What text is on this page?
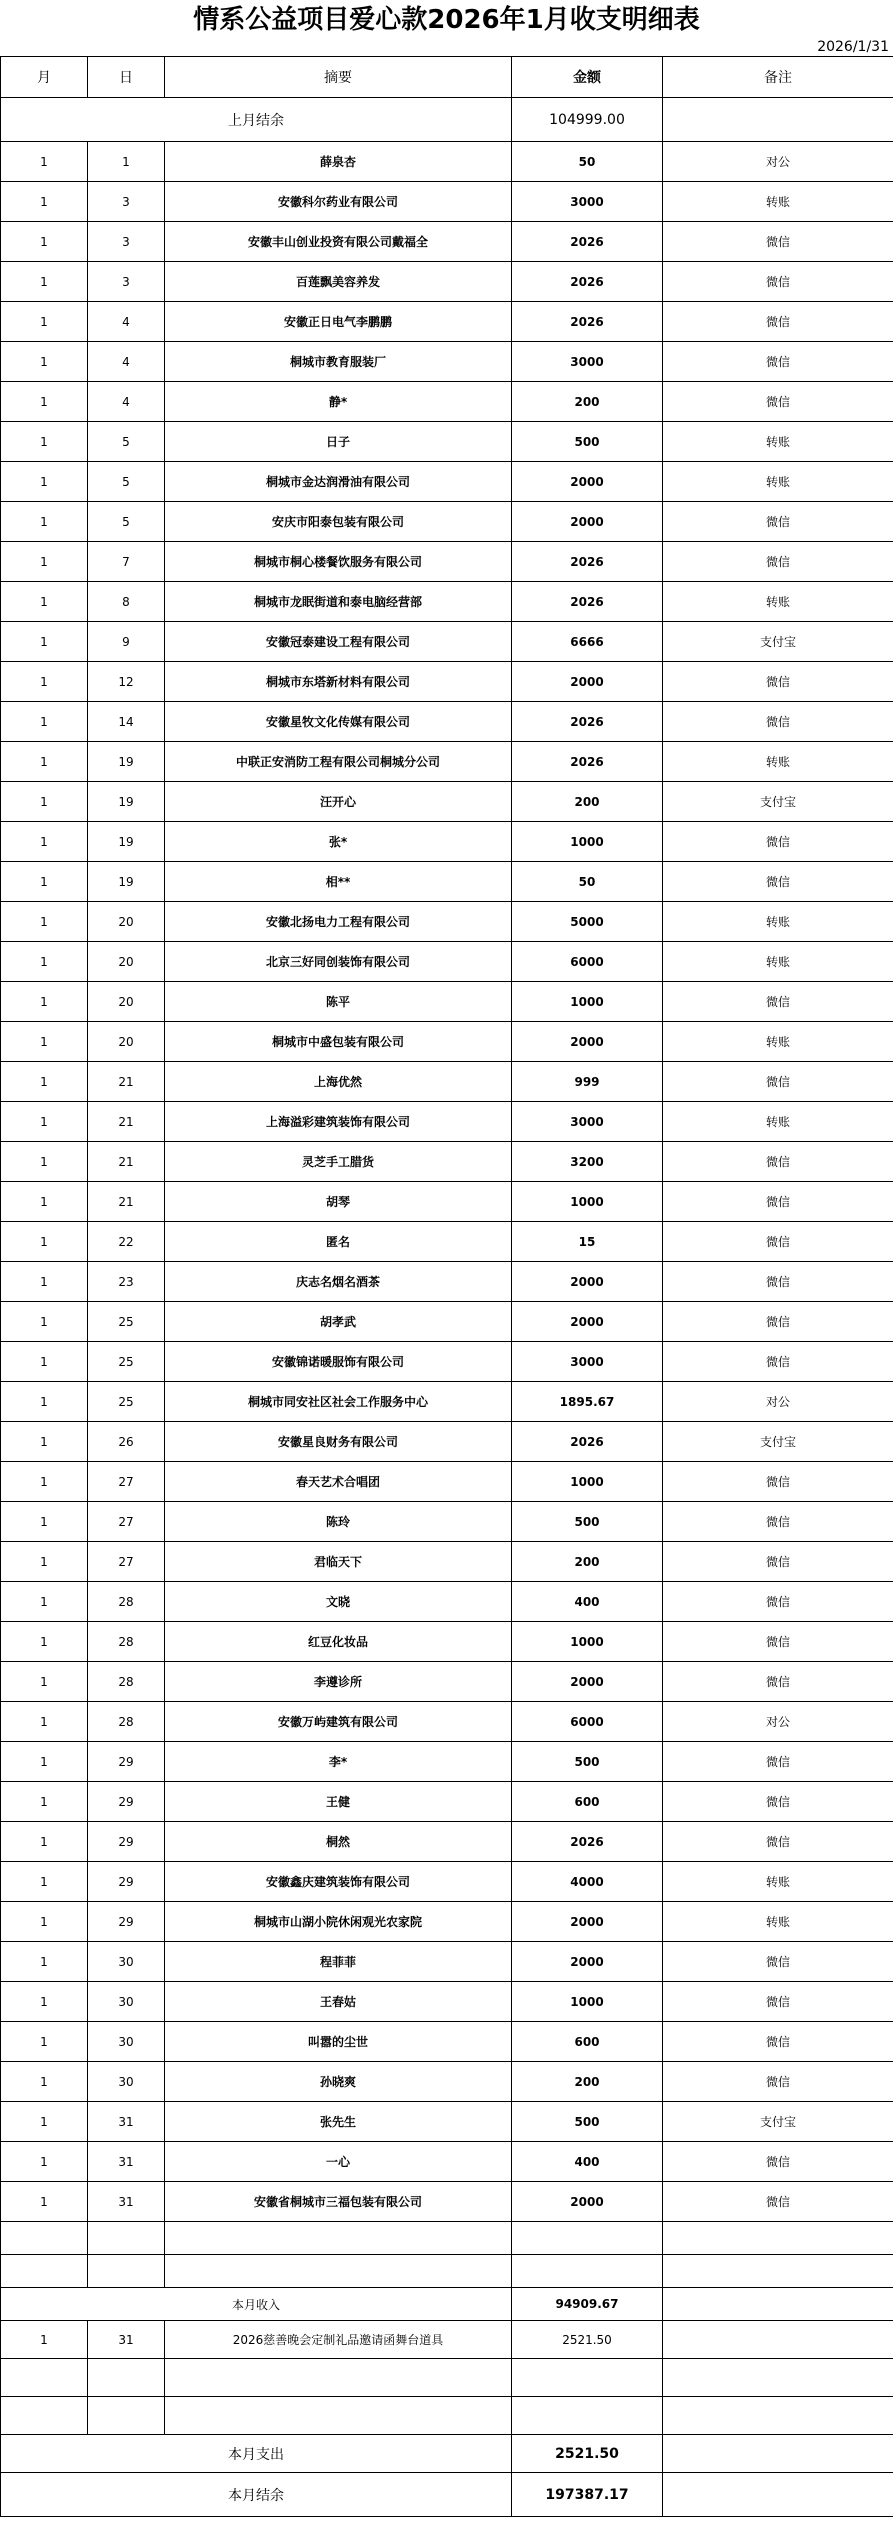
情系公益项目爱心款2026年1月收支明细表
2026/1/31
月	日	摘要	金额	备注
上月结余			104999.00	
1	1	薛泉杏	50	对公
1	3	安徽科尔药业有限公司	3000	转账
1	3	安徽丰山创业投资有限公司戴福全	2026	微信
1	3	百莲飘美容养发	2026	微信
1	4	安徽正日电气李鹏鹏	2026	微信
1	4	桐城市教育服装厂	3000	微信
1	4	静*	200	微信
1	5	日子	500	转账
1	5	桐城市金达润滑油有限公司	2000	转账
1	5	安庆市阳泰包装有限公司	2000	微信
1	7	桐城市桐心楼餐饮服务有限公司	2026	微信
1	8	桐城市龙眠街道和泰电脑经营部	2026	转账
1	9	安徽冠泰建设工程有限公司	6666	支付宝
1	12	桐城市东塔新材料有限公司	2000	微信
1	14	安徽星牧文化传媒有限公司	2026	微信
1	19	中联正安消防工程有限公司桐城分公司	2026	转账
1	19	汪开心	200	支付宝
1	19	张*	1000	微信
1	19	相**	50	微信
1	20	安徽北扬电力工程有限公司	5000	转账
1	20	北京三好同创装饰有限公司	6000	转账
1	20	陈平	1000	微信
1	20	桐城市中盛包装有限公司	2000	转账
1	21	上海优然	999	微信
1	21	上海溢彩建筑装饰有限公司	3000	转账
1	21	灵芝手工腊货	3200	微信
1	21	胡琴	1000	微信
1	22	匿名	15	微信
1	23	庆志名烟名酒茶	2000	微信
1	25	胡孝武	2000	微信
1	25	安徽锦诺暖服饰有限公司	3000	微信
1	25	桐城市同安社区社会工作服务中心	1895.67	对公
1	26	安徽星良财务有限公司	2026	支付宝
1	27	春天艺术合唱团	1000	微信
1	27	陈玲	500	微信
1	27	君临天下	200	微信
1	28	文晓	400	微信
1	28	红豆化妆品	1000	微信
1	28	李遵诊所	2000	微信
1	28	安徽万屿建筑有限公司	6000	对公
1	29	李*	500	微信
1	29	王健	600	微信
1	29	桐然	2026	微信
1	29	安徽鑫庆建筑装饰有限公司	4000	转账
1	29	桐城市山湖小院休闲观光农家院	2000	转账
1	30	程菲菲	2000	微信
1	30	王春姑	1000	微信
1	30	叫嚣的尘世	600	微信
1	30	孙晓爽	200	微信
1	31	张先生	500	支付宝
1	31	一心	400	微信
1	31	安徽省桐城市三福包装有限公司	2000	微信

本月收入			94909.67	
1	31	2026慈善晚会定制礼品邀请函舞台道具	2521.50	

本月支出			2521.50	
本月结余			197387.17	
